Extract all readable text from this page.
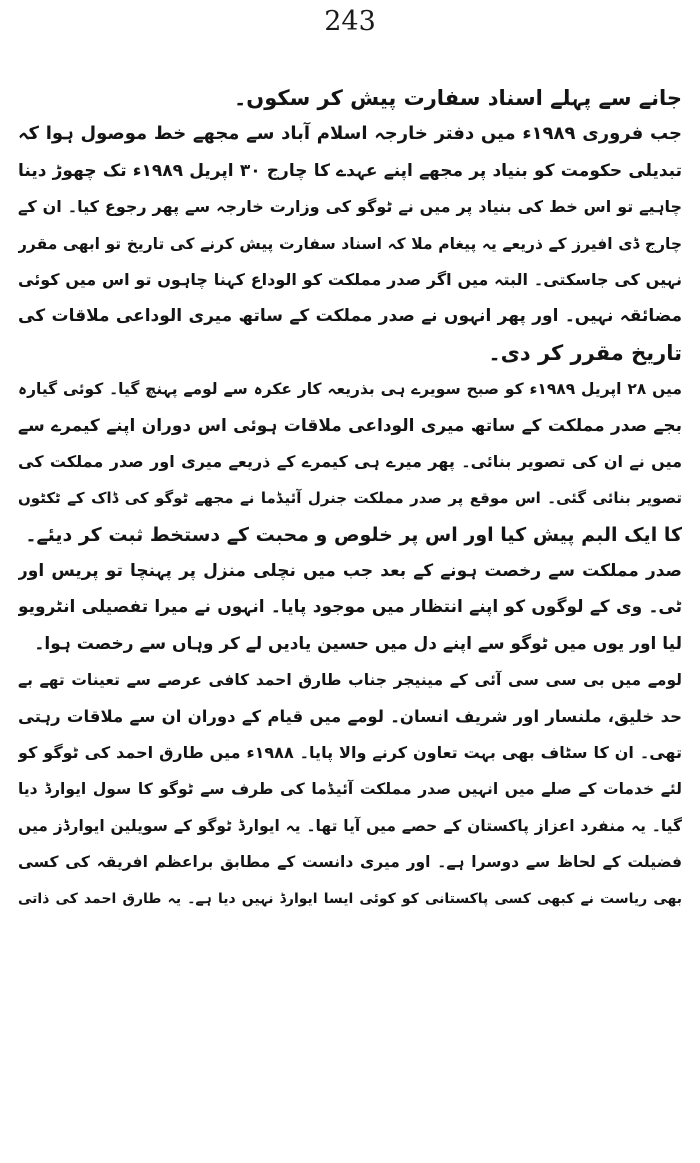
243
جانے سے پہلے اسناد سفارت پیش کر سکوں۔
جب فروری ۱۹۸۹ء میں دفتر خارجہ اسلام آباد سے مجھے خط موصول ہوا کہ
تبدیلی حکومت کو بنیاد پر مجھے اپنے عہدے کا چارج ۳۰ اپریل ۱۹۸۹ء تک چھوڑ دینا
چاہیے تو اس خط کی بنیاد پر میں نے ٹوگو کی وزارت خارجہ سے پھر رجوع کیا۔ ان کے
چارج ڈی افیرز کے ذریعے یہ پیغام ملا کہ اسناد سفارت پیش کرنے کی تاریخ تو ابھی مقرر
نہیں کی جاسکتی۔ البتہ میں اگر صدر مملکت کو الوداع کہنا چاہوں تو اس میں کوئی
مضائقہ نہیں۔ اور پھر انہوں نے صدر مملکت کے ساتھ میری الوداعی ملاقات کی
تاریخ مقرر کر دی۔
میں ۲۸ اپریل ۱۹۸۹ء کو صبح سویرے ہی بذریعہ کار عکرہ سے لومے پہنچ گیا۔ کوئی گیارہ
بجے صدر مملکت کے ساتھ میری الوداعی ملاقات ہوئی اس دوران اپنے کیمرے سے
میں نے ان کی تصویر بنائی۔ پھر میرے ہی کیمرے کے ذریعے میری اور صدر مملکت کی
تصویر بنائی گئی۔ اس موقع پر صدر مملکت جنرل آئیڈما نے مجھے ٹوگو کی ڈاک کے ٹکٹوں
کا ایک البم پیش کیا اور اس پر خلوص و محبت کے دستخط ثبت کر دیئے۔
صدر مملکت سے رخصت ہونے کے بعد جب میں نچلی منزل پر پہنچا تو پریس اور
ٹی۔ وی کے لوگوں کو اپنے انتظار میں موجود پایا۔ انہوں نے میرا تفصیلی انٹرویو
لیا اور یوں میں ٹوگو سے اپنے دل میں حسین یادیں لے کر وہاں سے رخصت ہوا۔
لومے میں بی سی سی آئی کے مینیجر جناب طارق احمد کافی عرصے سے تعینات تھے بے
حد خلیق، ملنسار اور شریف انسان۔ لومے میں قیام کے دوران ان سے ملاقات رہتی
تھی۔ ان کا سٹاف بھی بہت تعاون کرنے والا پایا۔ ۱۹۸۸ء میں طارق احمد کی ٹوگو کو
لئے خدمات کے صلے میں انہیں صدر مملکت آئیڈما کی طرف سے ٹوگو کا سول ایوارڈ دیا
گیا۔ یہ منفرد اعزاز پاکستان کے حصے میں آیا تھا۔ یہ ایوارڈ ٹوگو کے سویلین ایوارڈز میں
فضیلت کے لحاظ سے دوسرا ہے۔ اور میری دانست کے مطابق براعظم افریقہ کی کسی
بھی ریاست نے کبھی کسی پاکستانی کو کوئی ایسا ایوارڈ نہیں دیا ہے۔ یہ طارق احمد کی ذاتی
